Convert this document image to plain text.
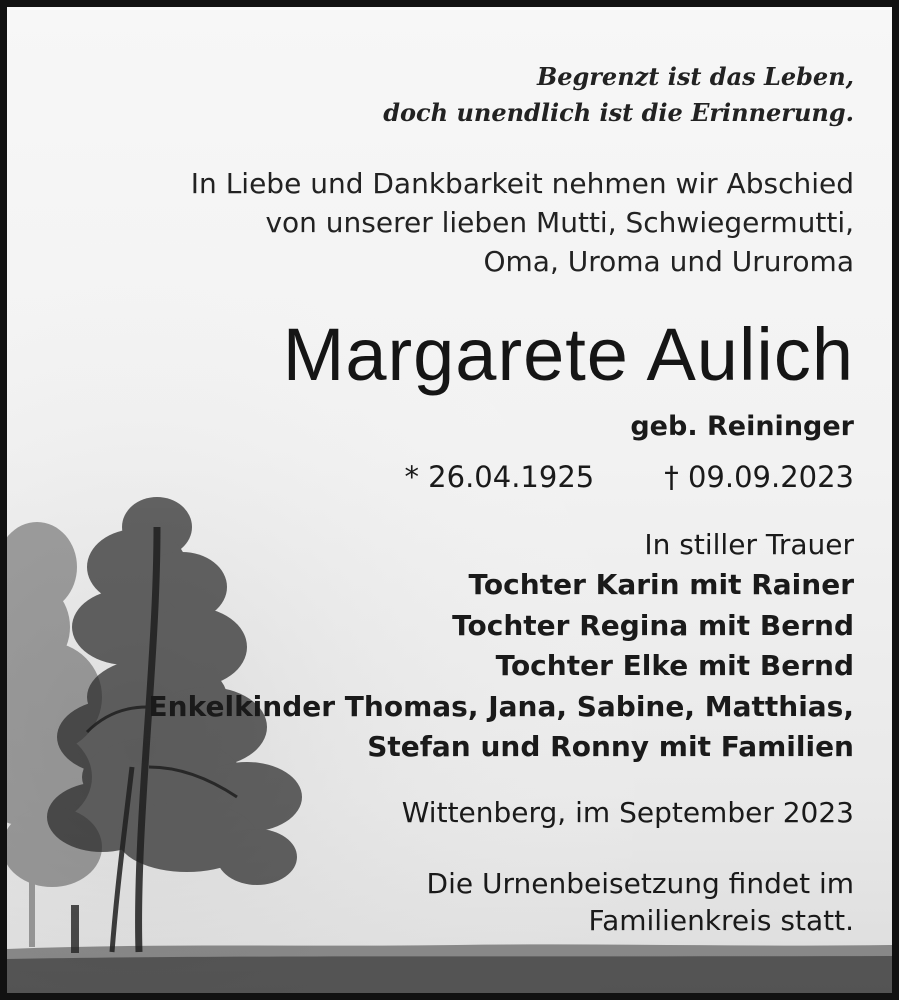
Begrenzt ist das Leben,
doch unendlich ist die Erinnerung.
In Liebe und Dankbarkeit nehmen wir Abschied
von unserer lieben Mutti, Schwiegermutti,
Oma, Uroma und Ururoma
Margarete Aulich
geb. Reininger
* 26.04.1925 † 09.09.2023
In stiller Trauer
Tochter Karin mit Rainer
Tochter Regina mit Bernd
Tochter Elke mit Bernd
Enkelkinder Thomas, Jana, Sabine, Matthias,
Stefan und Ronny mit Familien
Wittenberg, im September 2023
Die Urnenbeisetzung findet im
Familienkreis statt.
